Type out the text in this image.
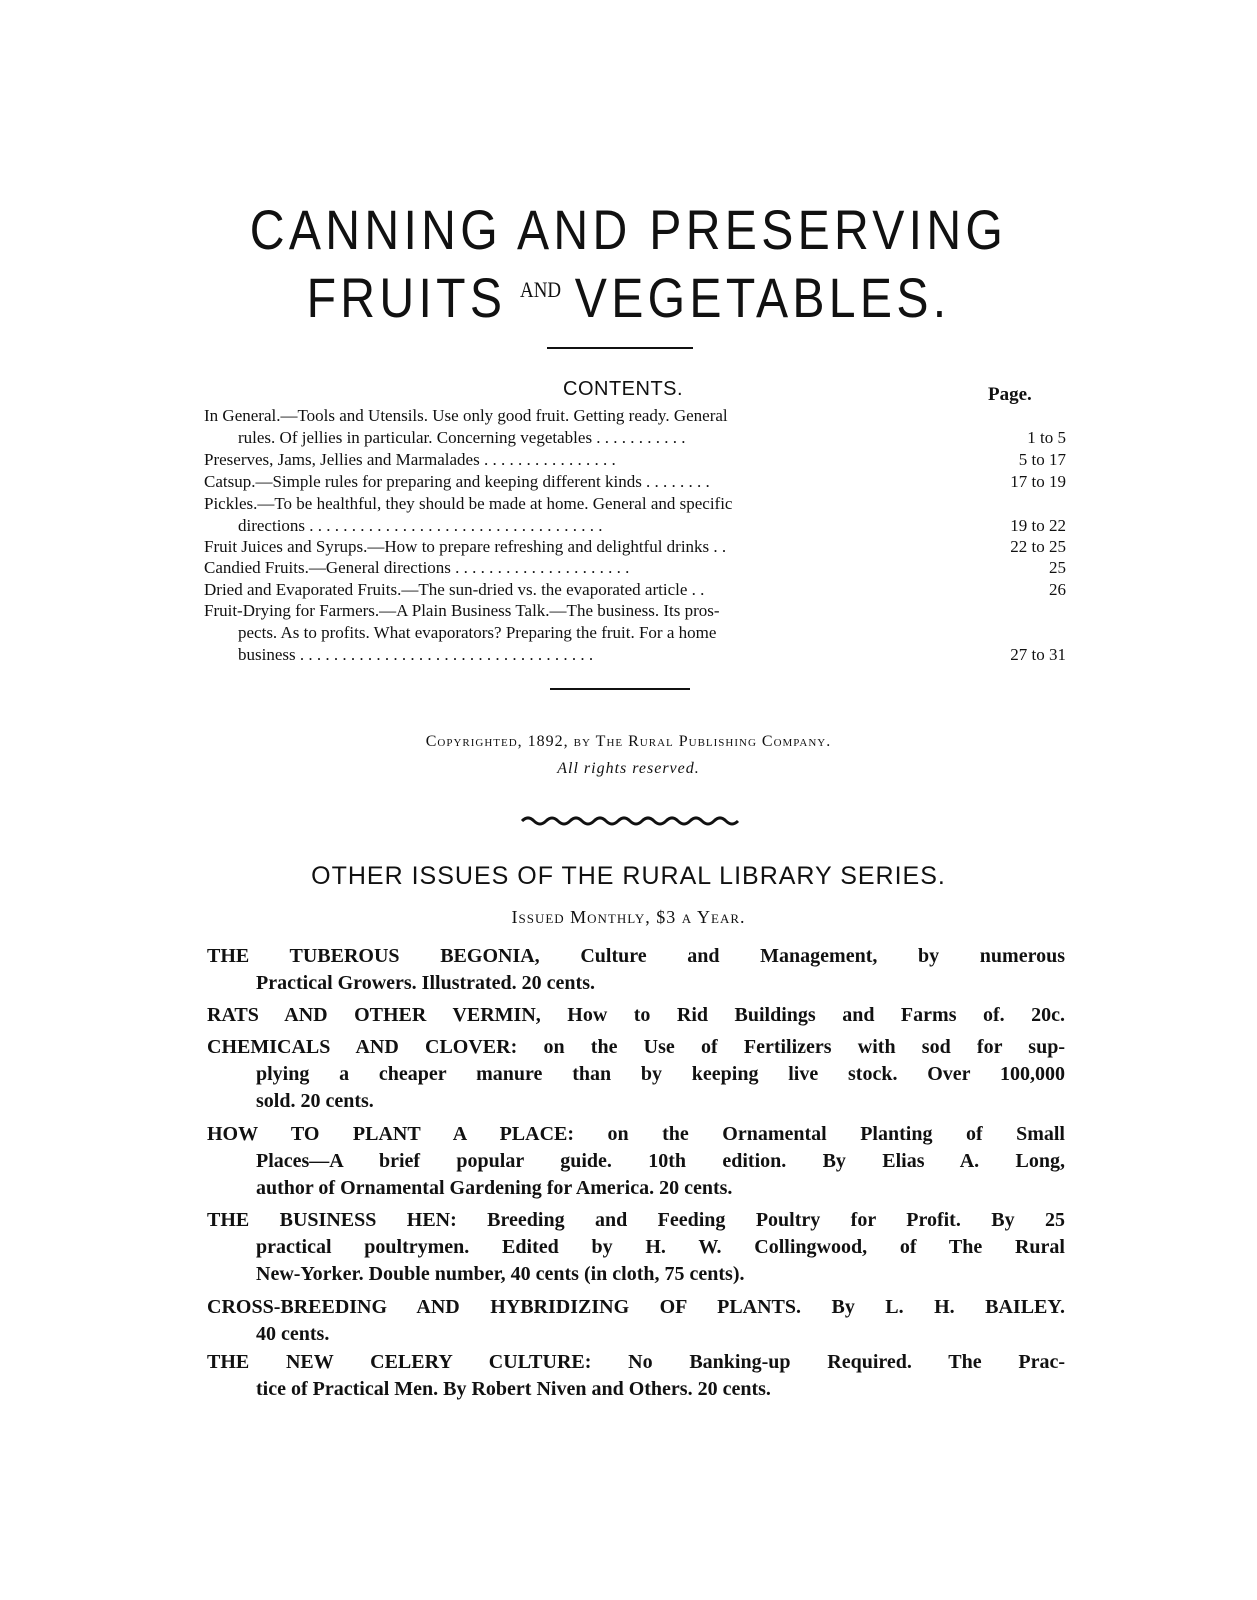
CANNING AND PRESERVING
FRUITS $^{AND}$ VEGETABLES.
CONTENTS.	Page.
In General.—Tools and Utensils. Use only good fruit. Getting ready. General
rules. Of jellies in particular. Concerning vegetables . . . . . . . . . . .	1 to 5
Preserves, Jams, Jellies and Marmalades . . . . . . . . . . . . . . . .	5 to 17
Catsup.—Simple rules for preparing and keeping different kinds . . . . . . . .	17 to 19
Pickles.—To be healthful, they should be made at home. General and specific
directions . . . . . . . . . . . . . . . . . . . . . . . . . . . . . . . . . . .	19 to 22
Fruit Juices and Syrups.—How to prepare refreshing and delightful drinks . .	22 to 25
Candied Fruits.—General directions . . . . . . . . . . . . . . . . . . . . .	25
Dried and Evaporated Fruits.—The sun-dried vs. the evaporated article . .	26
Fruit-Drying for Farmers.—A Plain Business Talk.—The business. Its pros-
pects. As to profits. What evaporators? Preparing the fruit. For a home
business . . . . . . . . . . . . . . . . . . . . . . . . . . . . . . . . . . .	27 to 31
Copyrighted, 1892, by The Rural Publishing Company.
All rights reserved.
OTHER ISSUES OF THE RURAL LIBRARY SERIES.
Issued Monthly, $3 a Year.
THE TUBEROUS BEGONIA, Culture and Management, by numerous
Practical Growers. Illustrated. 20 cents.
RATS AND OTHER VERMIN, How to Rid Buildings and Farms of. 20c.
CHEMICALS AND CLOVER: on the Use of Fertilizers with sod for sup-
plying a cheaper manure than by keeping live stock. Over 100,000
sold. 20 cents.
HOW TO PLANT A PLACE: on the Ornamental Planting of Small
Places—A brief popular guide. 10th edition. By Elias A. Long,
author of Ornamental Gardening for America. 20 cents.
THE BUSINESS HEN: Breeding and Feeding Poultry for Profit. By 25
practical poultrymen. Edited by H. W. Collingwood, of The Rural
New-Yorker. Double number, 40 cents (in cloth, 75 cents).
CROSS-BREEDING AND HYBRIDIZING OF PLANTS. By L. H. BAILEY.
40 cents.
THE NEW CELERY CULTURE: No Banking-up Required. The Prac-
tice of Practical Men. By Robert Niven and Others. 20 cents.
